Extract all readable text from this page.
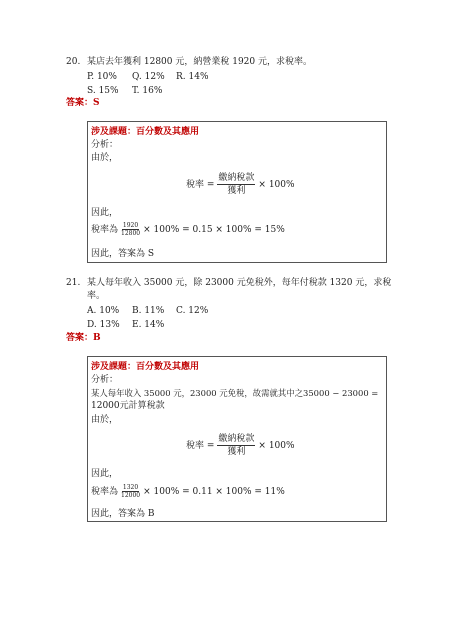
20. 某店去年獲利 12800 元，納營業稅 1920 元，求稅率。
P. 10% Q. 12% R. 14%
S. 15% T. 16%
答案：S
涉及課題：百分數及其應用
分析：
由於，
稅率 = $\frac{\text{繳納稅款}}{\text{獲利}} \times 100\%$
因此，
稅率為 $\frac{1920}{12800} \times 100\% = 0.15 \times 100\% = 15\%$
因此，答案為 S
21. 某人每年收入 35000 元，除 23000 元免稅外，每年付稅款 1320 元，求稅
率。
A. 10% B. 11% C. 12%
D. 13% E. 14%
答案：B
涉及課題：百分數及其應用
分析：
某人每年收入 35000 元，23000 元免稅，故需就其中之35000 − 23000 =
12000元計算稅款
由於，
稅率 = $\frac{\text{繳納稅款}}{\text{獲利}} \times 100\%$
因此，
稅率為 $\frac{1320}{12000} \times 100\% = 0.11 \times 100\% = 11\%$
因此，答案為 B
